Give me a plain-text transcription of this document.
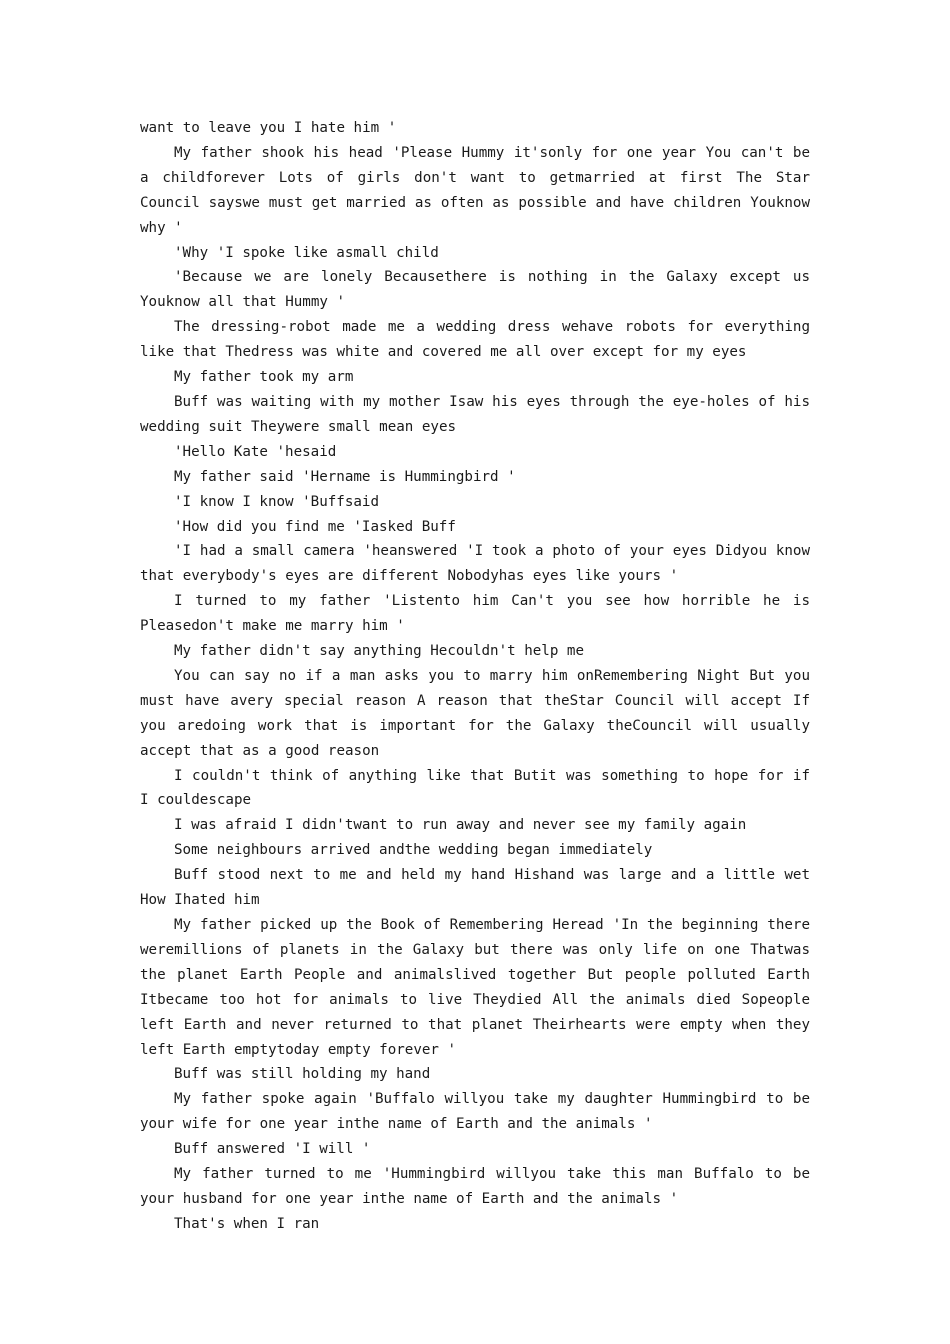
want to leave you I hate him '

My father shook his head 'Please Hummy it'sonly for one year You can't be a childforever Lots of girls don't want to getmarried at first The Star Council sayswe must get married as often as possible and have children Youknow why '

'Why 'I spoke like asmall child

'Because we are lonely Becausethere is nothing in the Galaxy except us Youknow all that Hummy '

The dressing-robot made me a wedding dress wehave robots for everything like that Thedress was white and covered me all over except for my eyes

My father took my arm

Buff was waiting with my mother Isaw his eyes through the eye-holes of his wedding suit Theywere small mean eyes

'Hello Kate 'hesaid

My father said 'Hername is Hummingbird '

'I know I know 'Buffsaid

'How did you find me 'Iasked Buff

'I had a small camera 'heanswered 'I took a photo of your eyes Didyou know that everybody's eyes are different Nobodyhas eyes like yours '

I turned to my father 'Listento him Can't you see how horrible he is Pleasedon't make me marry him '

My father didn't say anything Hecouldn't help me

You can say no if a man asks you to marry him onRemembering Night But you must have avery special reason A reason that theStar Council will accept If you aredoing work that is important for the Galaxy theCouncil will usually accept that as a good reason

I couldn't think of anything like that Butit was something to hope for if I couldescape

I was afraid I didn'twant to run away and never see my family again

Some neighbours arrived andthe wedding began immediately

Buff stood next to me and held my hand Hishand was large and a little wet How Ihated him

My father picked up the Book of Remembering Heread 'In the beginning there weremillions of planets in the Galaxy but there was only life on one Thatwas the planet Earth People and animalslived together But people polluted Earth Itbecame too hot for animals to live Theydied All the animals died Sopeople left Earth and never returned to that planet Theirhearts were empty when they left Earth emptytoday empty forever '

Buff was still holding my hand

My father spoke again 'Buffalo willyou take my daughter Hummingbird to be your wife for one year inthe name of Earth and the animals '

Buff answered 'I will '

My father turned to me 'Hummingbird willyou take this man Buffalo to be your husband for one year inthe name of Earth and the animals '

That's when I ran
